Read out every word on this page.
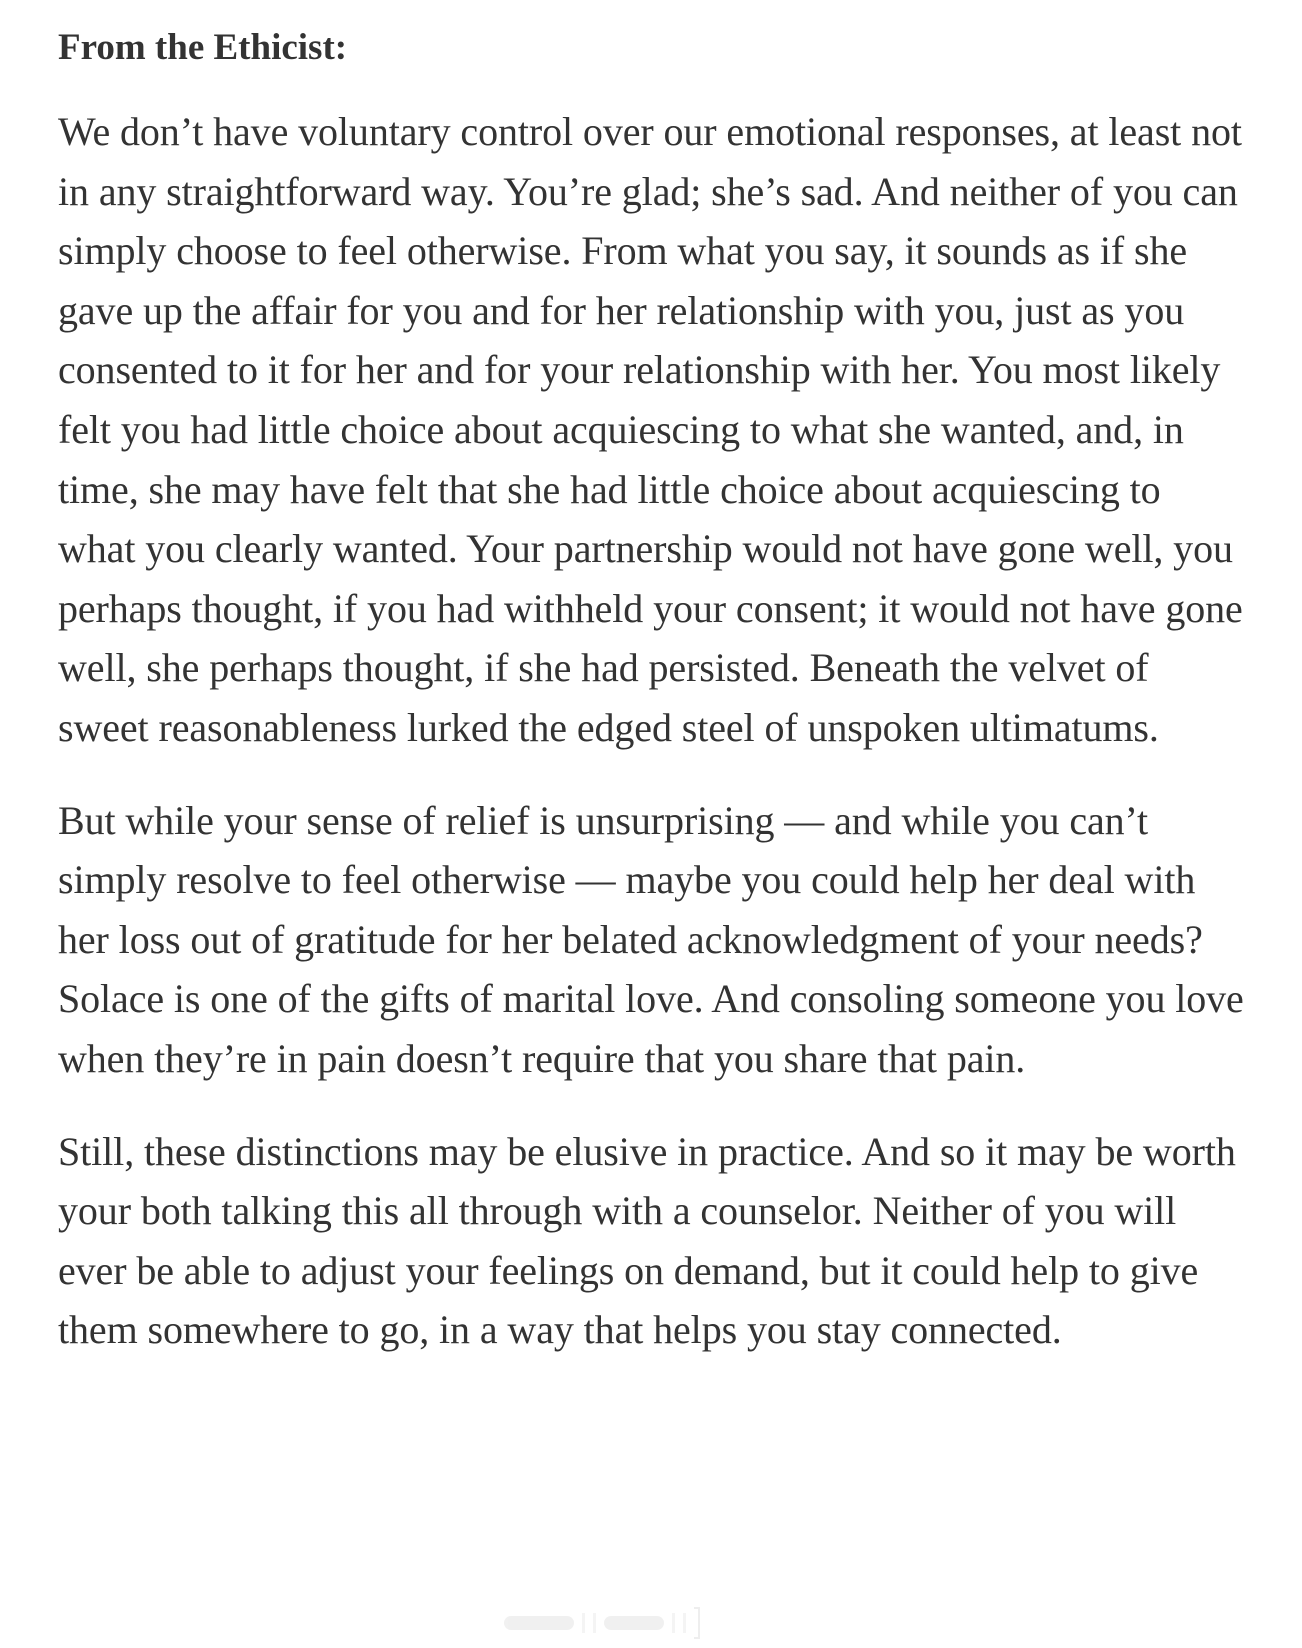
From the Ethicist:

We don’t have voluntary control over our emotional responses, at least not in any straightforward way. You’re glad; she’s sad. And neither of you can simply choose to feel otherwise. From what you say, it sounds as if she gave up the affair for you and for her relationship with you, just as you consented to it for her and for your relationship with her. You most likely felt you had little choice about acquiescing to what she wanted, and, in time, she may have felt that she had little choice about acquiescing to what you clearly wanted. Your partnership would not have gone well, you perhaps thought, if you had withheld your consent; it would not have gone well, she perhaps thought, if she had persisted. Beneath the velvet of sweet reasonableness lurked the edged steel of unspoken ultimatums.

But while your sense of relief is unsurprising — and while you can’t simply resolve to feel otherwise — maybe you could help her deal with her loss out of gratitude for her belated acknowledgment of your needs? Solace is one of the gifts of marital love. And consoling someone you love when they’re in pain doesn’t require that you share that pain.

Still, these distinctions may be elusive in practice. And so it may be worth your both talking this all through with a counselor. Neither of you will ever be able to adjust your feelings on demand, but it could help to give them somewhere to go, in a way that helps you stay connected.
